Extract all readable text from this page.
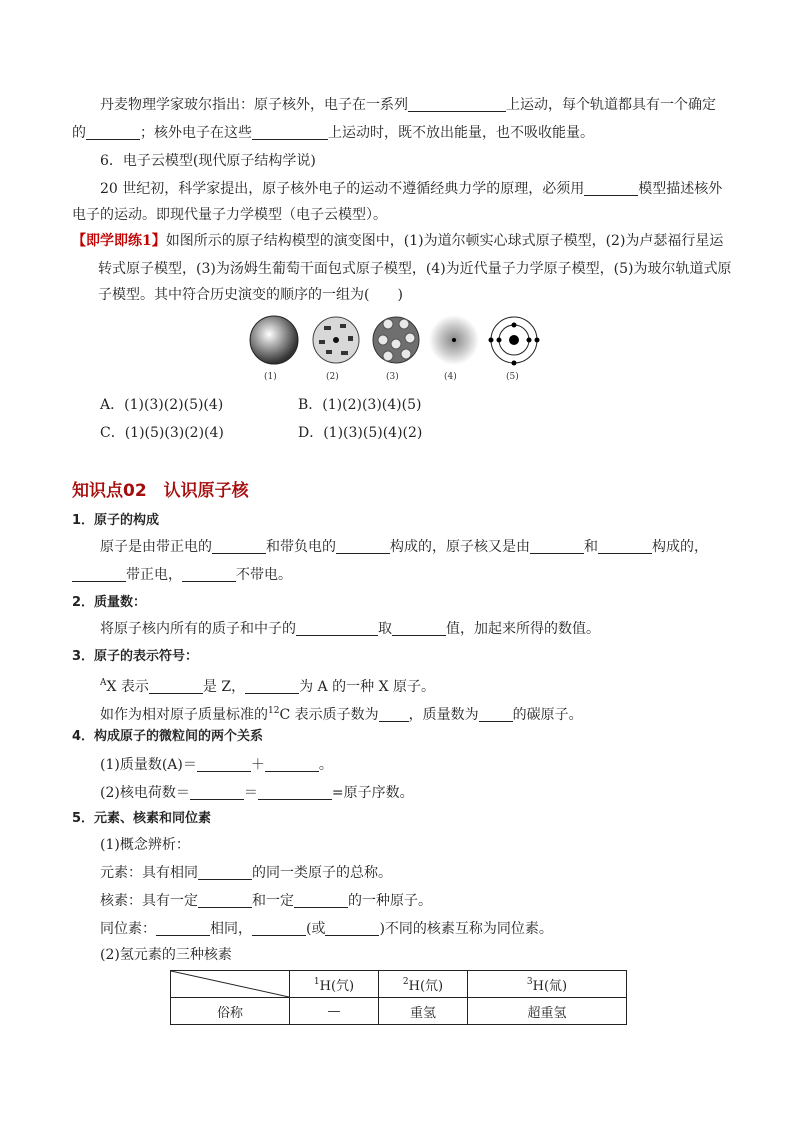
丹麦物理学家玻尔指出：原子核外，电子在一系列	上运动，每个轨道都具有一个确定
的	；核外电子在这些	上运动时，既不放出能量，也不吸收能量。
6．电子云模型(现代原子结构学说)
20 世纪初，科学家提出，原子核外电子的运动不遵循经典力学的原理，必须用	模型描述核外
电子的运动。即现代量子力学模型（电子云模型）。
【即学即练1】如图所示的原子结构模型的演变图中，(1)为道尔顿实心球式原子模型，(2)为卢瑟福行星运
转式原子模型，(3)为汤姆生葡萄干面包式原子模型，(4)为近代量子力学原子模型，(5)为玻尔轨道式原
子模型。其中符合历史演变的顺序的一组为(　　)
(1)	(2)	(3)	(4)	(5)
A．(1)(3)(2)(5)(4)	B．(1)(2)(3)(4)(5)
C．(1)(5)(3)(2)(4)	D．(1)(3)(5)(4)(2)
知识点02　认识原子核
1．原子的构成
原子是由带正电的	和带负电的	构成的，原子核又是由	和	构成的，
带正电，	不带电。
2．质量数：
将原子核内所有的质子和中子的	取	值，加起来所得的数值。
3．原子的表示符号：
$^A$X 表示	是 Z，	为 A 的一种 X 原子。
如作为相对原子质量标准的$^{12}$C 表示质子数为 ，质量数为 的碳原子。
4．构成原子的微粒间的两个关系
(1)质量数(A)＝	＋	。
(2)核电荷数＝	＝	=原子序数。
5．元素、核素和同位素
(1)概念辨析：
元素：具有相同	的同一类原子的总称。
核素：具有一定	和一定	的一种原子。
同位素：	相同，	(或	)不同的核素互称为同位素。
(2)氢元素的三种核素
	$^1$H(氕)	$^2$H(氘)	$^3$H(氚)
俗称	—	重氢	超重氢
